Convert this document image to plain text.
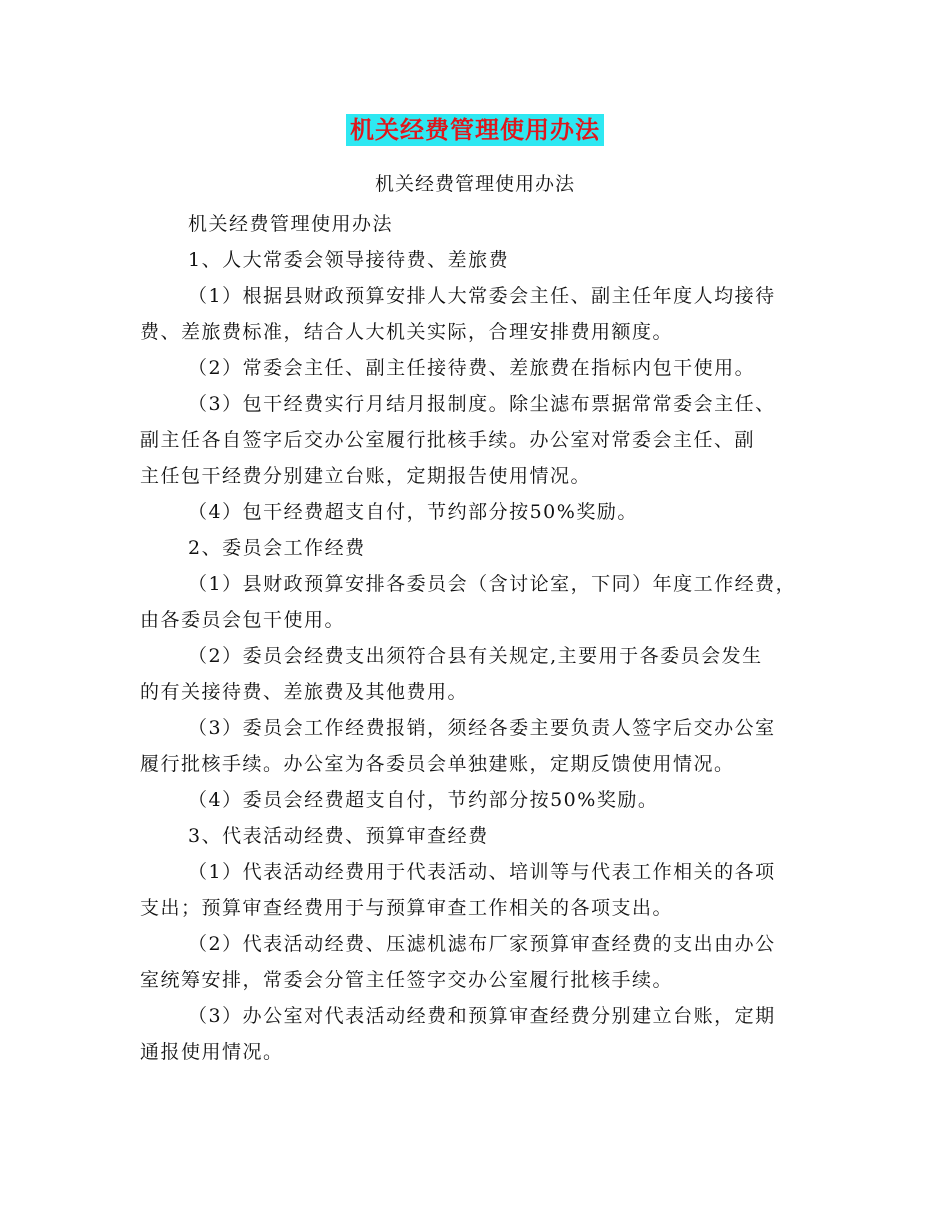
机关经费管理使用办法
机关经费管理使用办法

机关经费管理使用办法

1、人大常委会领导接待费、差旅费

（1）根据县财政预算安排人大常委会主任、副主任年度人均接待

费、差旅费标准，结合人大机关实际，合理安排费用额度。

（2）常委会主任、副主任接待费、差旅费在指标内包干使用。

（3）包干经费实行月结月报制度。除尘滤布票据常常委会主任、

副主任各自签字后交办公室履行批核手续。办公室对常委会主任、副

主任包干经费分别建立台账，定期报告使用情况。

（4）包干经费超支自付，节约部分按50%奖励。

2、委员会工作经费

（1）县财政预算安排各委员会（含讨论室，下同）年度工作经费，

由各委员会包干使用。

（2）委员会经费支出须符合县有关规定,主要用于各委员会发生

的有关接待费、差旅费及其他费用。

（3）委员会工作经费报销，须经各委主要负责人签字后交办公室

履行批核手续。办公室为各委员会单独建账，定期反馈使用情况。

（4）委员会经费超支自付，节约部分按50%奖励。

3、代表活动经费、预算审查经费

（1）代表活动经费用于代表活动、培训等与代表工作相关的各项

支出；预算审查经费用于与预算审查工作相关的各项支出。

（2）代表活动经费、压滤机滤布厂家预算审查经费的支出由办公

室统筹安排，常委会分管主任签字交办公室履行批核手续。

（3）办公室对代表活动经费和预算审查经费分别建立台账，定期

通报使用情况。
